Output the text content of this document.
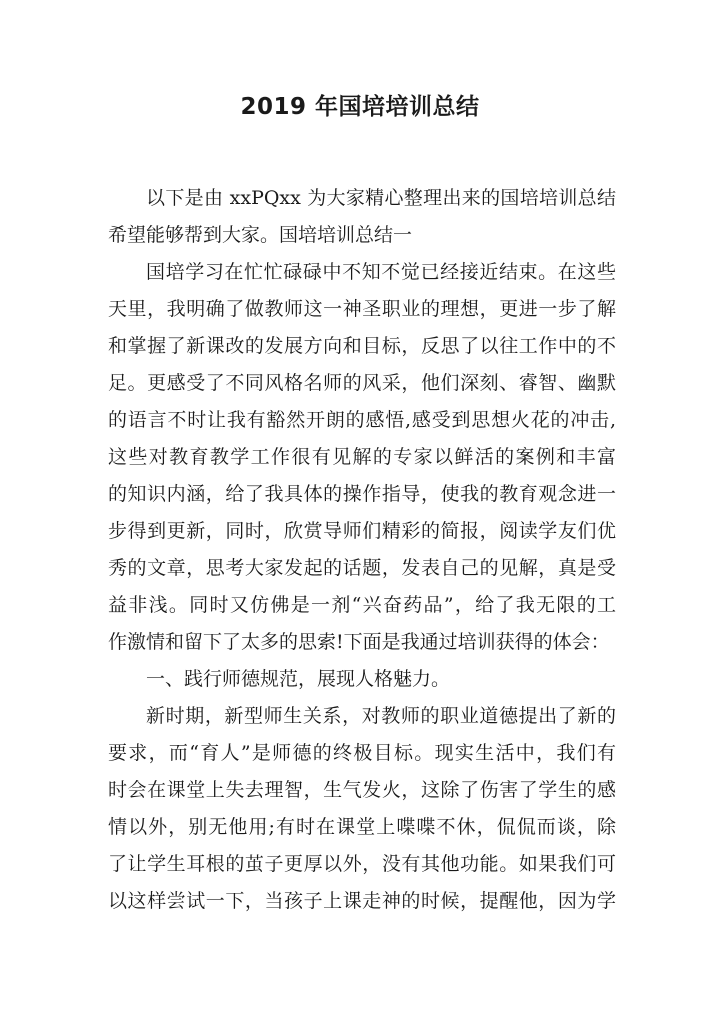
2019 年国培培训总结
以下是由 xxPQxx 为大家精心整理出来的国培培训总结
希望能够帮到大家。国培培训总结一
国培学习在忙忙碌碌中不知不觉已经接近结束。在这些
天里，我明确了做教师这一神圣职业的理想，更进一步了解
和掌握了新课改的发展方向和目标，反思了以往工作中的不
足。更感受了不同风格名师的风采，他们深刻、睿智、幽默
的语言不时让我有豁然开朗的感悟,感受到思想火花的冲击,
这些对教育教学工作很有见解的专家以鲜活的案例和丰富
的知识内涵，给了我具体的操作指导，使我的教育观念进一
步得到更新，同时，欣赏导师们精彩的简报，阅读学友们优
秀的文章，思考大家发起的话题，发表自己的见解，真是受
益非浅。同时又仿佛是一剂“兴奋药品”，给了我无限的工
作激情和留下了太多的思索!下面是我通过培训获得的体会：
一、践行师德规范，展现人格魅力。
新时期，新型师生关系，对教师的职业道德提出了新的
要求，而“育人”是师德的终极目标。现实生活中，我们有
时会在课堂上失去理智，生气发火，这除了伤害了学生的感
情以外，别无他用;有时在课堂上喋喋不休，侃侃而谈，除
了让学生耳根的茧子更厚以外，没有其他功能。如果我们可
以这样尝试一下，当孩子上课走神的时候，提醒他，因为学
